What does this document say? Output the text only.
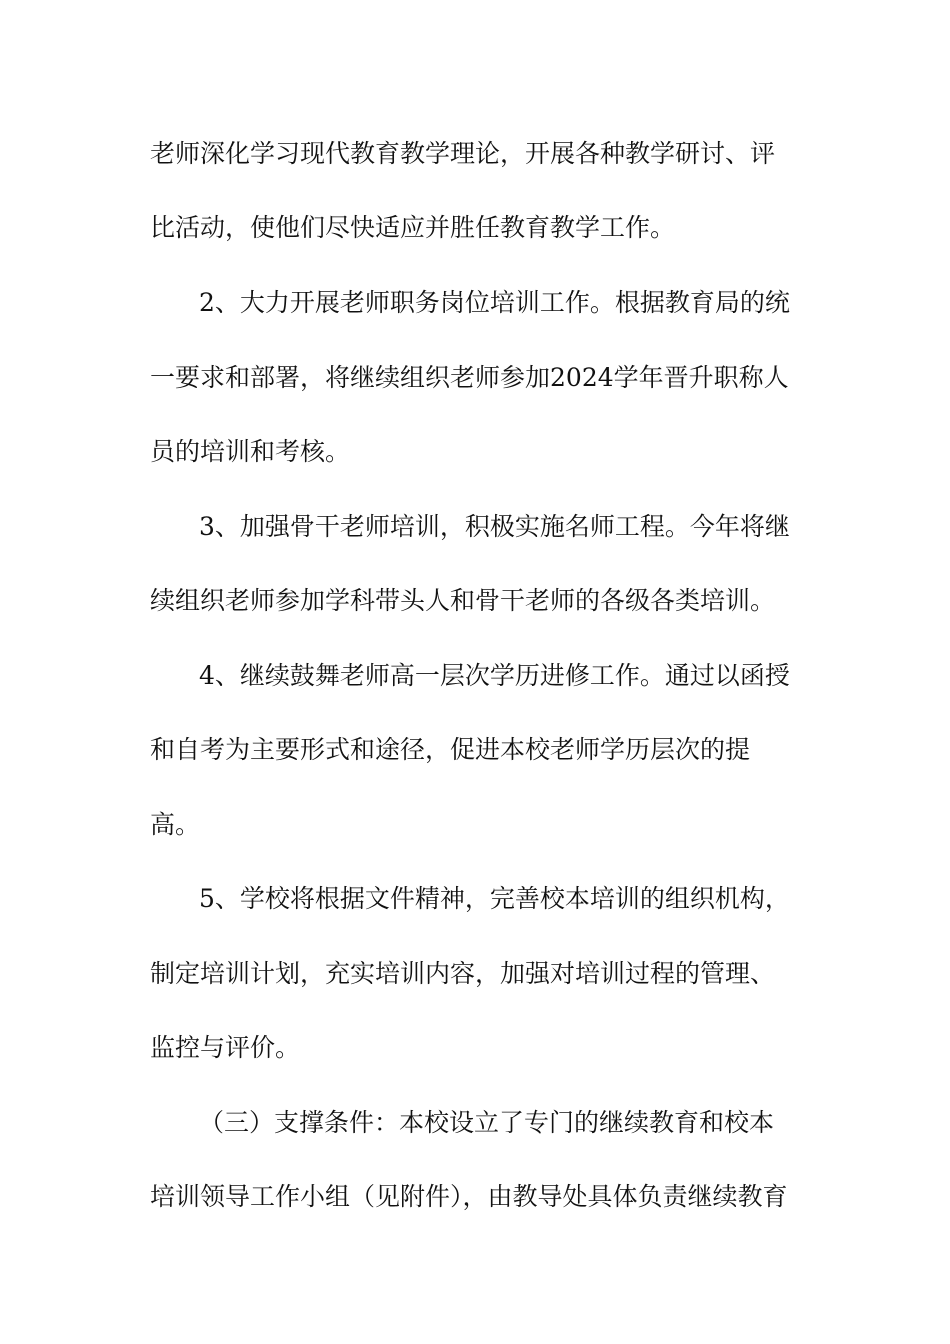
老师深化学习现代教育教学理论，开展各种教学研讨、评
比活动，使他们尽快适应并胜任教育教学工作。
2、大力开展老师职务岗位培训工作。根据教育局的统
一要求和部署，将继续组织老师参加2024学年晋升职称人
员的培训和考核。
3、加强骨干老师培训，积极实施名师工程。今年将继
续组织老师参加学科带头人和骨干老师的各级各类培训。
4、继续鼓舞老师高一层次学历进修工作。通过以函授
和自考为主要形式和途径，促进本校老师学历层次的提
高。
5、学校将根据文件精神，完善校本培训的组织机构，
制定培训计划，充实培训内容，加强对培训过程的管理、
监控与评价。
（三）支撑条件：本校设立了专门的继续教育和校本
培训领导工作小组（见附件），由教导处具体负责继续教育
